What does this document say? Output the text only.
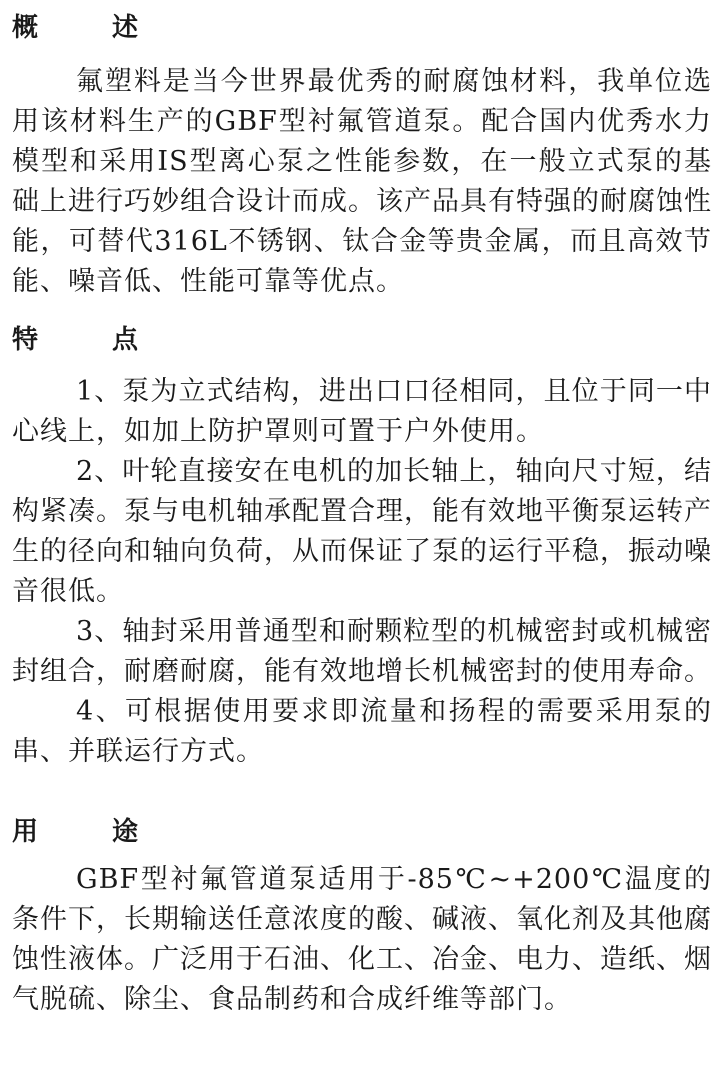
概	述

氟塑料是当今世界最优秀的耐腐蚀材料，我单位选用该材料生产的GBF型衬氟管道泵。配合国内优秀水力模型和采用IS型离心泵之性能参数，在一般立式泵的基础上进行巧妙组合设计而成。该产品具有特强的耐腐蚀性能，可替代316L不锈钢、钛合金等贵金属，而且高效节能、噪音低、性能可靠等优点。

特	点

1、泵为立式结构，进出口口径相同，且位于同一中心线上，如加上防护罩则可置于户外使用。

2、叶轮直接安在电机的加长轴上，轴向尺寸短，结构紧凑。泵与电机轴承配置合理，能有效地平衡泵运转产生的径向和轴向负荷，从而保证了泵的运行平稳，振动噪音很低。

3、轴封采用普通型和耐颗粒型的机械密封或机械密封组合，耐磨耐腐，能有效地增长机械密封的使用寿命。

4、可根据使用要求即流量和扬程的需要采用泵的串、并联运行方式。

用	途

GBF型衬氟管道泵适用于-85℃~+200℃温度的条件下，长期输送任意浓度的酸、碱液、氧化剂及其他腐蚀性液体。广泛用于石油、化工、冶金、电力、造纸、烟气脱硫、除尘、食品制药和合成纤维等部门。
